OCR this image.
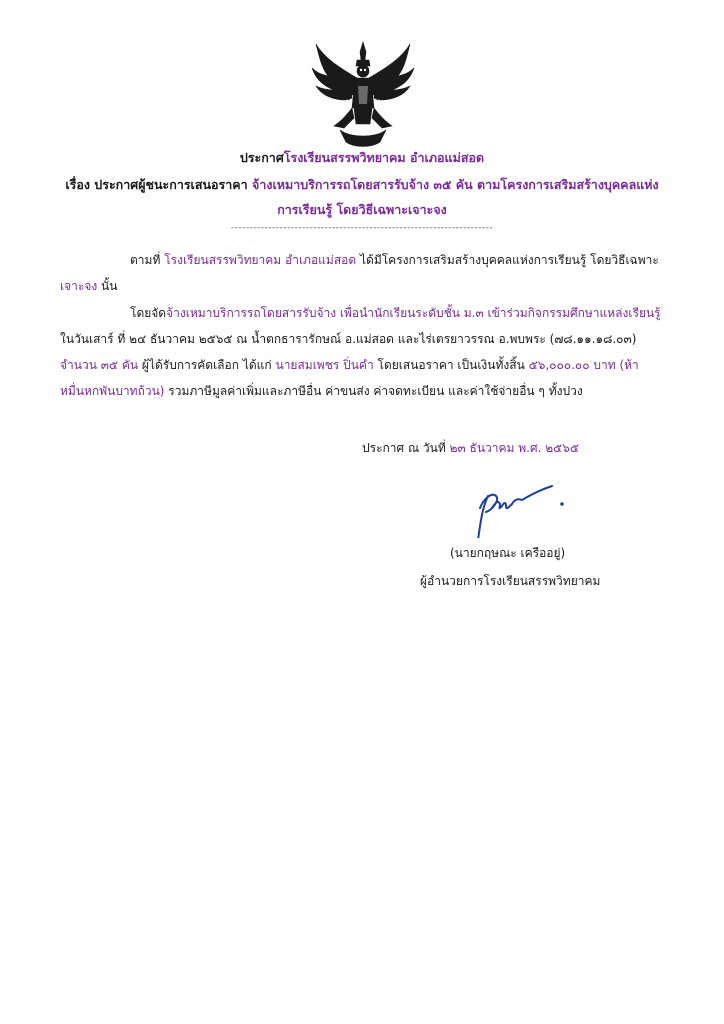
ประกาศโรงเรียนสรรพวิทยาคม อำเภอแม่สอด
เรื่อง ประกาศผู้ชนะการเสนอราคา จ้างเหมาบริการรถโดยสารรับจ้าง ๓๕ คัน ตามโครงการเสริมสร้างบุคคลแห่ง
การเรียนรู้ โดยวิธีเฉพาะเจาะจง
----------------------------------------------------------------------
ตามที่ โรงเรียนสรรพวิทยาคม อำเภอแม่สอด ได้มีโครงการเสริมสร้างบุคคลแห่งการเรียนรู้ โดยวิธีเฉพาะ
เจาะจง นั้น
โดยจัดจ้างเหมาบริการรถโดยสารรับจ้าง เพื่อนำนักเรียนระดับชั้น ม.๓ เข้าร่วมกิจกรรมศึกษาแหล่งเรียนรู้
ในวันเสาร์ ที่ ๒๔ ธันวาคม ๒๕๖๕ ณ น้ำตกธารารักษณ์ อ.แม่สอด และไร่เตรยาวรรณ อ.พบพระ (๗๘.๑๑.๑๘.๐๓)
จำนวน ๓๕ คัน ผู้ได้รับการคัดเลือก ได้แก่ นายสมเพชร ปิ่นคำ โดยเสนอราคา เป็นเงินทั้งสิ้น ๕๖,๐๐๐.๐๐ บาท (ห้า
หมื่นหกพันบาทถ้วน) รวมภาษีมูลค่าเพิ่มและภาษีอื่น ค่าขนส่ง ค่าจดทะเบียน และค่าใช้จ่ายอื่น ๆ ทั้งปวง
ประกาศ ณ วันที่ ๒๓ ธันวาคม พ.ศ. ๒๕๖๕
(นายกฤษณะ เครืออยู่)
ผู้อำนวยการโรงเรียนสรรพวิทยาคม
